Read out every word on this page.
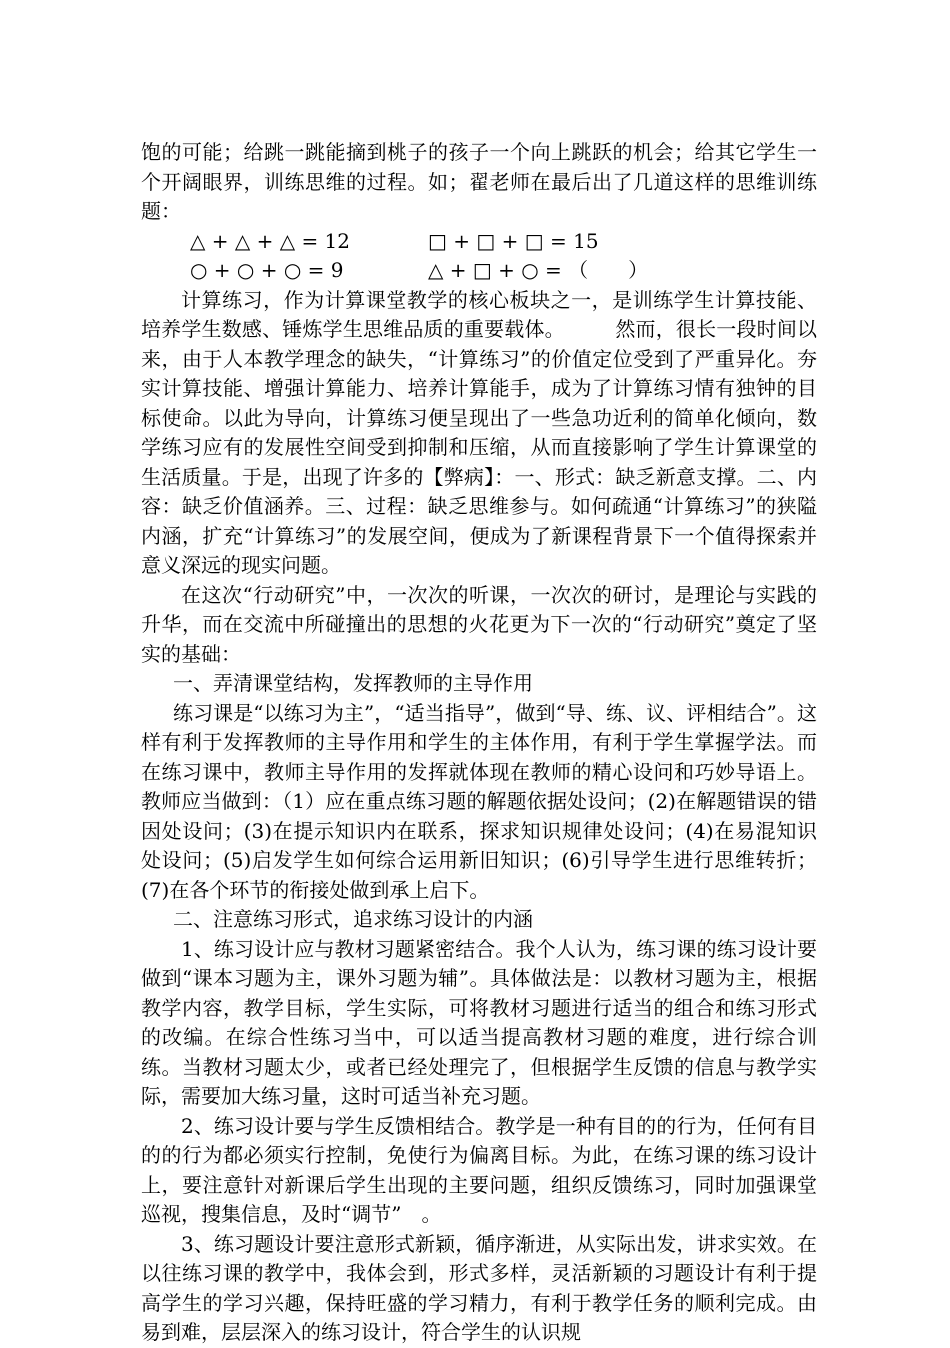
饱的可能；给跳一跳能摘到桃子的孩子一个向上跳跃的机会；给其它学生一个开阔眼界，训练思维的过程。如；翟老师在最后出了几道这样的思维训练题：

△ + △ + △ = 12	□ + □ + □ = 15
○ + ○ + ○ = 9	△ + □ + ○ = （　　）

计算练习，作为计算课堂教学的核心板块之一，是训练学生计算技能、培养学生数感、锤炼学生思维品质的重要载体。　　　然而，很长一段时间以来，由于人本教学理念的缺失，“计算练习”的价值定位受到了严重异化。夯实计算技能、增强计算能力、培养计算能手，成为了计算练习情有独钟的目标使命。以此为导向，计算练习便呈现出了一些急功近利的简单化倾向，数学练习应有的发展性空间受到抑制和压缩，从而直接影响了学生计算课堂的生活质量。于是，出现了许多的【弊病】：一、形式：缺乏新意支撑。二、内容：缺乏价值涵养。三、过程：缺乏思维参与。如何疏通“计算练习”的狭隘内涵，扩充“计算练习”的发展空间，便成为了新课程背景下一个值得探索并意义深远的现实问题。

在这次“行动研究”中，一次次的听课，一次次的研讨，是理论与实践的升华，而在交流中所碰撞出的思想的火花更为下一次的“行动研究”奠定了坚实的基础：

一、弄清课堂结构，发挥教师的主导作用

练习课是“以练习为主”，“适当指导”，做到“导、练、议、评相结合”。这样有利于发挥教师的主导作用和学生的主体作用，有利于学生掌握学法。而在练习课中，教师主导作用的发挥就体现在教师的精心设问和巧妙导语上。教师应当做到：（1）应在重点练习题的解题依据处设问；(2)在解题错误的错因处设问；(3)在提示知识内在联系，探求知识规律处设问；(4)在易混知识处设问；(5)启发学生如何综合运用新旧知识；(6)引导学生进行思维转折；(7)在各个环节的衔接处做到承上启下。

二、注意练习形式，追求练习设计的内涵

1、练习设计应与教材习题紧密结合。我个人认为，练习课的练习设计要做到“课本习题为主，课外习题为辅”。具体做法是：以教材习题为主，根据教学内容，教学目标，学生实际，可将教材习题进行适当的组合和练习形式的改编。在综合性练习当中，可以适当提高教材习题的难度，进行综合训练。当教材习题太少，或者已经处理完了，但根据学生反馈的信息与教学实际，需要加大练习量，这时可适当补充习题。

2、练习设计要与学生反馈相结合。教学是一种有目的的行为，任何有目的的行为都必须实行控制，免使行为偏离目标。为此，在练习课的练习设计上，要注意针对新课后学生出现的主要问题，组织反馈练习，同时加强课堂巡视，搜集信息，及时“调节”　。

3、练习题设计要注意形式新颖，循序渐进，从实际出发，讲求实效。在以往练习课的教学中，我体会到，形式多样，灵活新颖的习题设计有利于提高学生的学习兴趣，保持旺盛的学习精力，有利于教学任务的顺利完成。由易到难，层层深入的练习设计，符合学生的认识规
